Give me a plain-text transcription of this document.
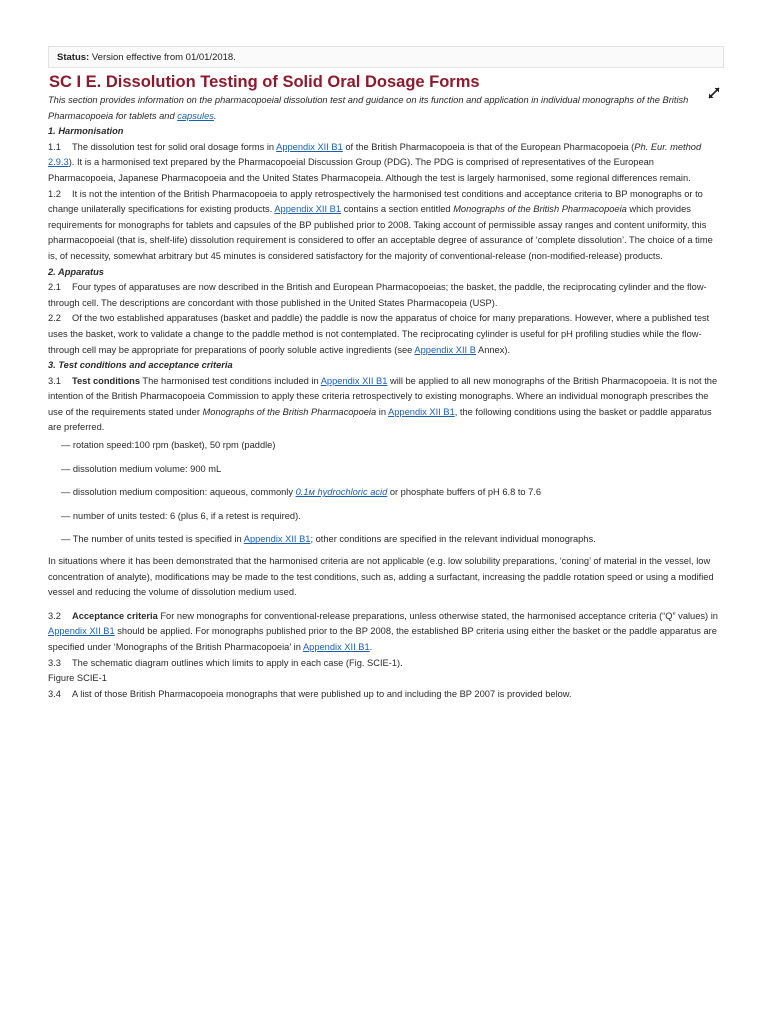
Status: Version effective from 01/01/2018.
SC I E. Dissolution Testing of Solid Oral Dosage Forms

This section provides information on the pharmacopoeial dissolution test and guidance on its function and application in individual monographs of the British Pharmacopoeia for tablets and capsules.

1. Harmonisation

1.1 The dissolution test for solid oral dosage forms in Appendix XII B1 of the British Pharmacopoeia is that of the European Pharmacopoeia (Ph. Eur. method 2.9.3). It is a harmonised text prepared by the Pharmacopoeial Discussion Group (PDG). The PDG is comprised of representatives of the European Pharmacopoeia, Japanese Pharmacopoeia and the United States Pharmacopeia. Although the test is largely harmonised, some regional differences remain.

1.2 It is not the intention of the British Pharmacopoeia to apply retrospectively the harmonised test conditions and acceptance criteria to BP monographs or to change unilaterally specifications for existing products. Appendix XII B1 contains a section entitled Monographs of the British Pharmacopoeia which provides requirements for monographs for tablets and capsules of the BP published prior to 2008. Taking account of permissible assay ranges and content uniformity, this pharmacopoeial (that is, shelf-life) dissolution requirement is considered to offer an acceptable degree of assurance of ‘complete dissolution’. The choice of a time is, of necessity, somewhat arbitrary but 45 minutes is considered satisfactory for the majority of conventional-release (non-modified-release) products.

2. Apparatus

2.1 Four types of apparatuses are now described in the British and European Pharmacopoeias; the basket, the paddle, the reciprocating cylinder and the flow-through cell. The descriptions are concordant with those published in the United States Pharmacopeia (USP).

2.2 Of the two established apparatuses (basket and paddle) the paddle is now the apparatus of choice for many preparations. However, where a published test uses the basket, work to validate a change to the paddle method is not contemplated. The reciprocating cylinder is useful for pH profiling studies while the flow-through cell may be appropriate for preparations of poorly soluble active ingredients (see Appendix XII B Annex).

3. Test conditions and acceptance criteria

3.1 Test conditions The harmonised test conditions included in Appendix XII B1 will be applied to all new monographs of the British Pharmacopoeia. It is not the intention of the British Pharmacopoeia Commission to apply these criteria retrospectively to existing monographs. Where an individual monograph prescribes the use of the requirements stated under Monographs of the British Pharmacopoeia in Appendix XII B1, the following conditions using the basket or paddle apparatus are preferred.

— rotation speed:100 rpm (basket), 50 rpm (paddle)

— dissolution medium volume: 900 mL

— dissolution medium composition: aqueous, commonly 0.1м hydrochloric acid or phosphate buffers of pH 6.8 to 7.6

— number of units tested: 6 (plus 6, if a retest is required).

— The number of units tested is specified in Appendix XII B1; other conditions are specified in the relevant individual monographs.

In situations where it has been demonstrated that the harmonised criteria are not applicable (e.g. low solubility preparations, ‘coning’ of material in the vessel, low concentration of analyte), modifications may be made to the test conditions, such as, adding a surfactant, increasing the paddle rotation speed or using a modified vessel and reducing the volume of dissolution medium used.

3.2 Acceptance criteria For new monographs for conventional-release preparations, unless otherwise stated, the harmonised acceptance criteria (“Q” values) in Appendix XII B1 should be applied. For monographs published prior to the BP 2008, the established BP criteria using either the basket or the paddle apparatus are specified under ‘Monographs of the British Pharmacopoeia’ in Appendix XII B1.

3.3 The schematic diagram outlines which limits to apply in each case (Fig. SCIE-1).

Figure SCIE-1

3.4 A list of those British Pharmacopoeia monographs that were published up to and including the BP 2007 is provided below.
